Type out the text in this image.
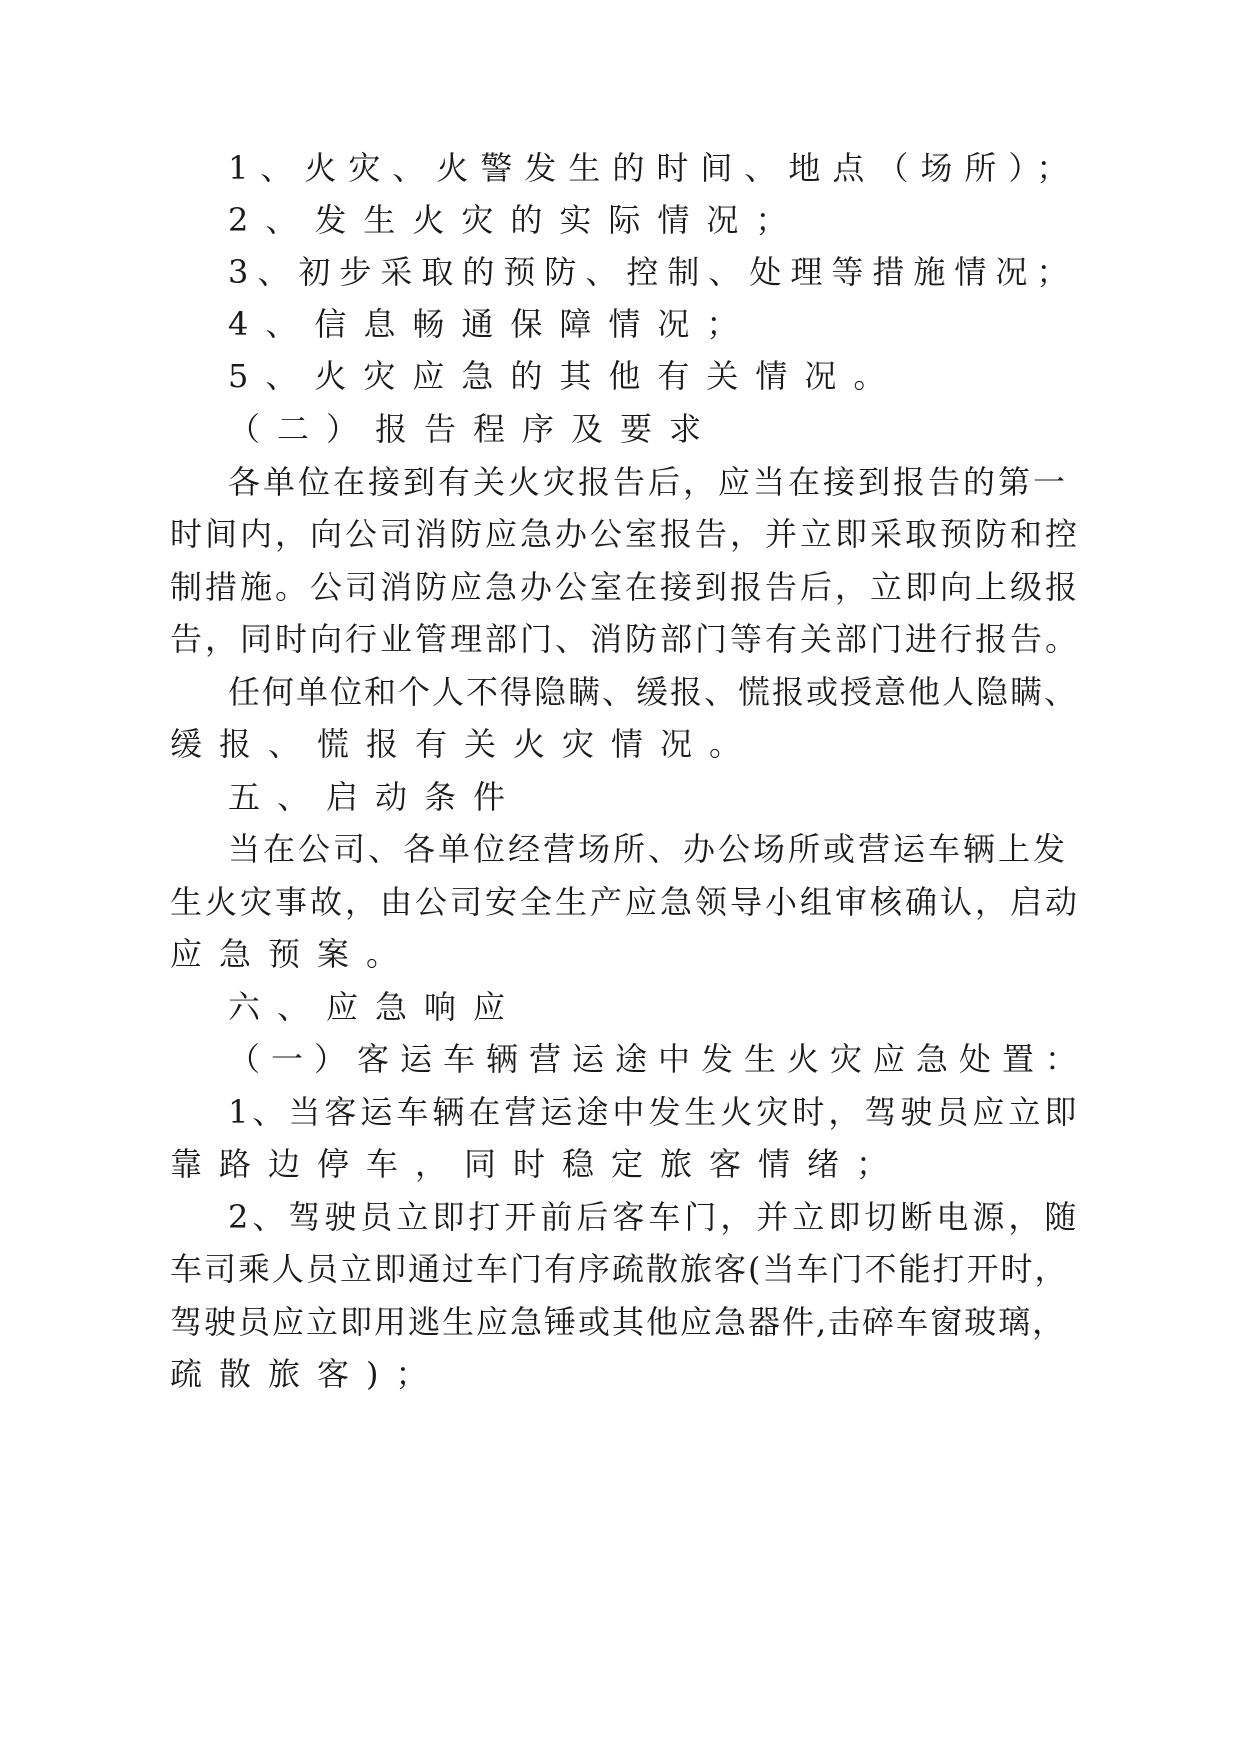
1、火灾、火警发生的时间、地点（场所）；
2、发生火灾的实际情况；
3、初步采取的预防、控制、处理等措施情况；
4、信息畅通保障情况；
5、火灾应急的其他有关情况。
（二）报告程序及要求
各单位在接到有关火灾报告后，应当在接到报告的第一
时间内，向公司消防应急办公室报告，并立即采取预防和控
制措施。公司消防应急办公室在接到报告后，立即向上级报
告，同时向行业管理部门、消防部门等有关部门进行报告。
任何单位和个人不得隐瞒、缓报、慌报或授意他人隐瞒、
缓报、慌报有关火灾情况。
五、启动条件
当在公司、各单位经营场所、办公场所或营运车辆上发
生火灾事故，由公司安全生产应急领导小组审核确认，启动
应急预案。
六、应急响应
（一）客运车辆营运途中发生火灾应急处置：
1、当客运车辆在营运途中发生火灾时，驾驶员应立即
靠路边停车，同时稳定旅客情绪；
2、驾驶员立即打开前后客车门，并立即切断电源，随
车司乘人员立即通过车门有序疏散旅客(当车门不能打开时，
驾驶员应立即用逃生应急锤或其他应急器件,击碎车窗玻璃，
疏散旅客)；
